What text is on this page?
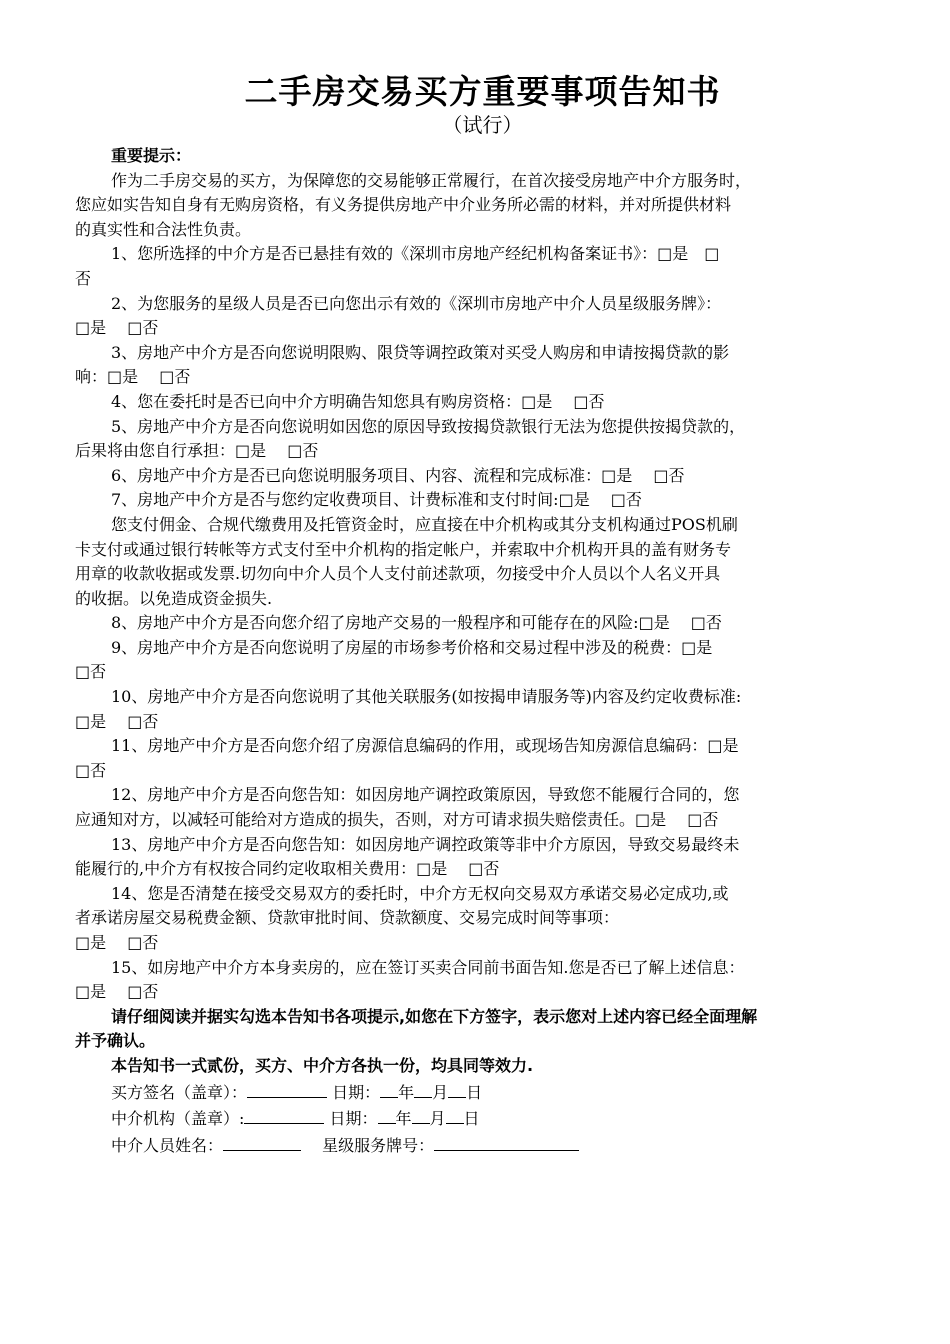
二手房交易买方重要事项告知书

（试行）

重要提示：

作为二手房交易的买方，为保障您的交易能够正常履行，在首次接受房地产中介方服务时，

您应如实告知自身有无购房资格，有义务提供房地产中介业务所必需的材料，并对所提供材料

的真实性和合法性负责。

1、您所选择的中介方是否已悬挂有效的《深圳市房地产经纪机构备案证书》：□是　□

否

2、为您服务的星级人员是否已向您出示有效的《深圳市房地产中介人员星级服务牌》：

□是　 □否

3、房地产中介方是否向您说明限购、限贷等调控政策对买受人购房和申请按揭贷款的影

响：□是　 □否

4、您在委托时是否已向中介方明确告知您具有购房资格：□是　 □否

5、房地产中介方是否向您说明如因您的原因导致按揭贷款银行无法为您提供按揭贷款的，

后果将由您自行承担：□是　 □否

6、房地产中介方是否已向您说明服务项目、内容、流程和完成标准：□是　 □否

7、房地产中介方是否与您约定收费项目、计费标准和支付时间:□是　 □否

您支付佣金、合规代缴费用及托管资金时，应直接在中介机构或其分支机构通过POS机刷

卡支付或通过银行转帐等方式支付至中介机构的指定帐户，并索取中介机构开具的盖有财务专

用章的收款收据或发票.切勿向中介人员个人支付前述款项，勿接受中介人员以个人名义开具

的收据。以免造成资金损失.

8、房地产中介方是否向您介绍了房地产交易的一般程序和可能存在的风险:□是　 □否

9、房地产中介方是否向您说明了房屋的市场参考价格和交易过程中涉及的税费：□是

□否

10、房地产中介方是否向您说明了其他关联服务(如按揭申请服务等)内容及约定收费标准:

□是　 □否

11、房地产中介方是否向您介绍了房源信息编码的作用，或现场告知房源信息编码：□是

□否

12、房地产中介方是否向您告知：如因房地产调控政策原因，导致您不能履行合同的，您

应通知对方，以减轻可能给对方造成的损失，否则，对方可请求损失赔偿责任。□是　 □否

13、房地产中介方是否向您告知：如因房地产调控政策等非中介方原因，导致交易最终未

能履行的,中介方有权按合同约定收取相关费用：□是　 □否

14、您是否清楚在接受交易双方的委托时，中介方无权向交易双方承诺交易必定成功,或

者承诺房屋交易税费金额、贷款审批时间、贷款额度、交易完成时间等事项：

□是　 □否

15、如房地产中介方本身卖房的，应在签订买卖合同前书面告知.您是否已了解上述信息：

□是　 □否

请仔细阅读并据实勾选本告知书各项提示,如您在下方签字，表示您对上述内容已经全面理解

并予确认。

本告知书一式贰份，买方、中介方各执一份，均具同等效力.

买方签名（盖章）：	日期： 年 月 日

中介机构（盖章）:	日期： 年 月 日

中介人员姓名：　	星级服务牌号：
